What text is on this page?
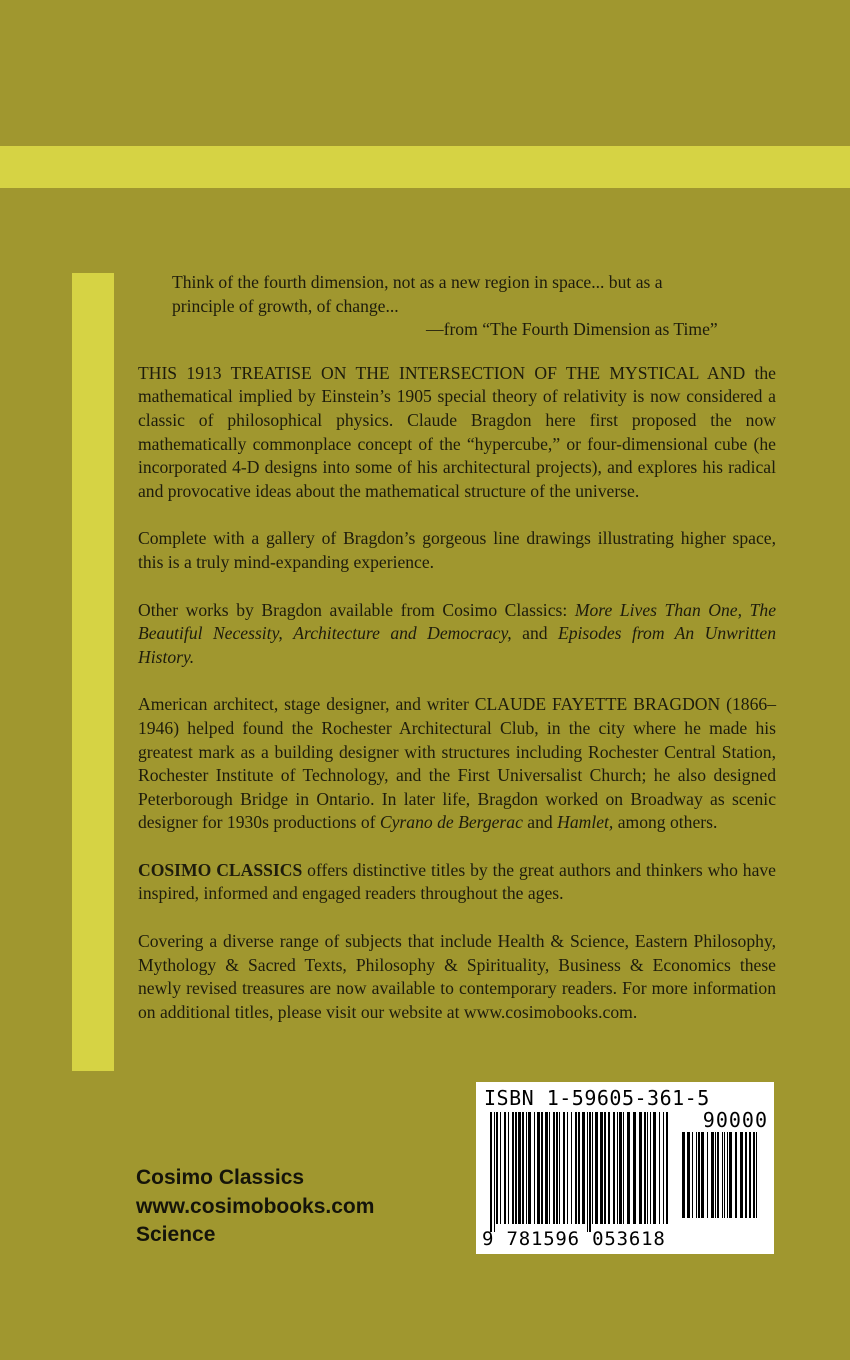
Think of the fourth dimension, not as a new region in space... but as a

principle of growth, of change...

—from “The Fourth Dimension as Time”

THIS 1913 TREATISE ON THE INTERSECTION OF THE MYSTICAL AND the mathematical implied by Einstein’s 1905 special theory of relativity is now considered a classic of philosophical physics. Claude Bragdon here first proposed the now mathematically commonplace concept of the “hypercube,” or four-dimensional cube (he incorporated 4-D designs into some of his architectural projects), and explores his radical and provocative ideas about the mathematical structure of the universe.

Complete with a gallery of Bragdon’s gorgeous line drawings illustrating higher space, this is a truly mind-expanding experience.

Other works by Bragdon available from Cosimo Classics: More Lives Than One, The Beautiful Necessity, Architecture and Democracy, and Episodes from An Unwritten History.

American architect, stage designer, and writer CLAUDE FAYETTE BRAGDON (1866–1946) helped found the Rochester Architectural Club, in the city where he made his greatest mark as a building designer with structures including Rochester Central Station, Rochester Institute of Technology, and the First Universalist Church; he also designed Peterborough Bridge in Ontario. In later life, Bragdon worked on Broadway as scenic designer for 1930s productions of Cyrano de Bergerac and Hamlet, among others.

COSIMO CLASSICS offers distinctive titles by the great authors and thinkers who have inspired, informed and engaged readers throughout the ages.

Covering a diverse range of subjects that include Health & Science, Eastern Philosophy, Mythology & Sacred Texts, Philosophy & Spirituality, Business & Economics these newly revised treasures are now available to contemporary readers. For more information on additional titles, please visit our website at www.cosimobooks.com.

Cosimo Classics
www.cosimobooks.com
Science
ISBN 1-59605-361-5
90000
9 781596 053618
